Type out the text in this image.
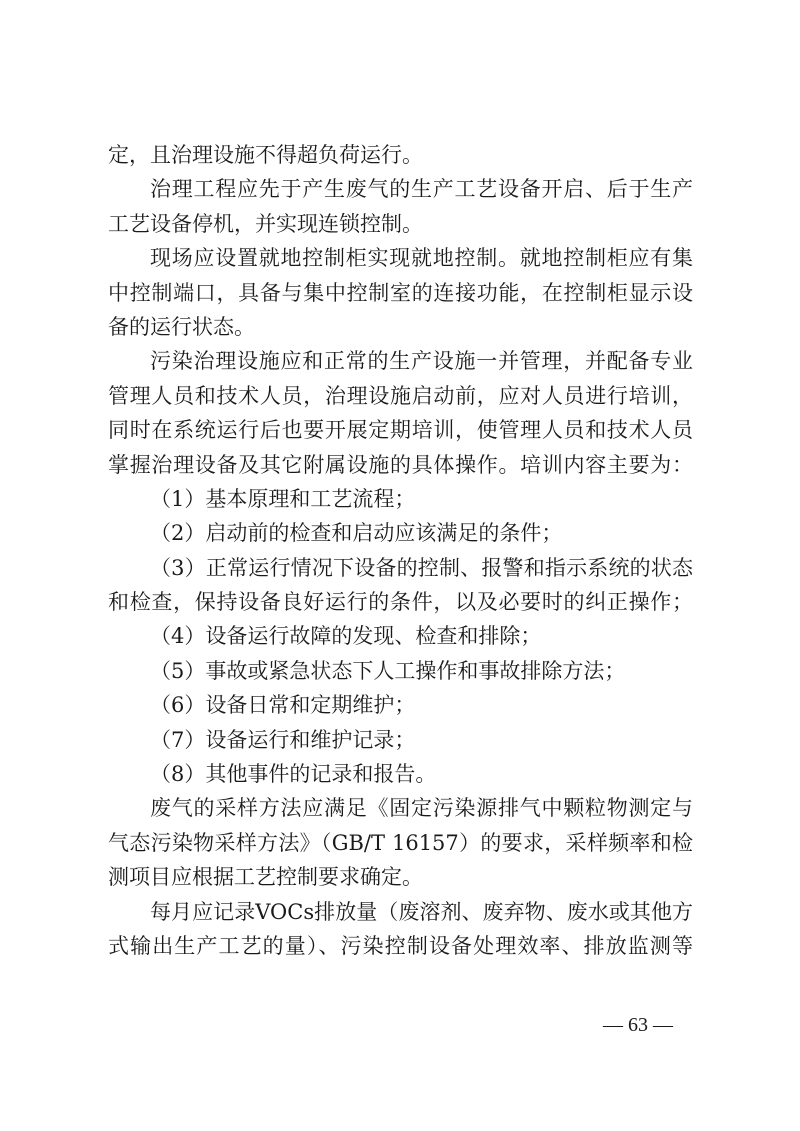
定，且治理设施不得超负荷运行。
治理工程应先于产生废气的生产工艺设备开启、后于生产
工艺设备停机，并实现连锁控制。
现场应设置就地控制柜实现就地控制。就地控制柜应有集
中控制端口，具备与集中控制室的连接功能，在控制柜显示设
备的运行状态。
污染治理设施应和正常的生产设施一并管理，并配备专业
管理人员和技术人员，治理设施启动前，应对人员进行培训，
同时在系统运行后也要开展定期培训，使管理人员和技术人员
掌握治理设备及其它附属设施的具体操作。培训内容主要为：
（1）基本原理和工艺流程；
（2）启动前的检查和启动应该满足的条件；
（3）正常运行情况下设备的控制、报警和指示系统的状态
和检查，保持设备良好运行的条件，以及必要时的纠正操作；
（4）设备运行故障的发现、检查和排除；
（5）事故或紧急状态下人工操作和事故排除方法；
（6）设备日常和定期维护；
（7）设备运行和维护记录；
（8）其他事件的记录和报告。
废气的采样方法应满足《固定污染源排气中颗粒物测定与
气态污染物采样方法》（GB/T 16157）的要求，采样频率和检
测项目应根据工艺控制要求确定。
每月应记录VOCs排放量（废溶剂、废弃物、废水或其他方
式输出生产工艺的量）、污染控制设备处理效率、排放监测等
— 63 —
